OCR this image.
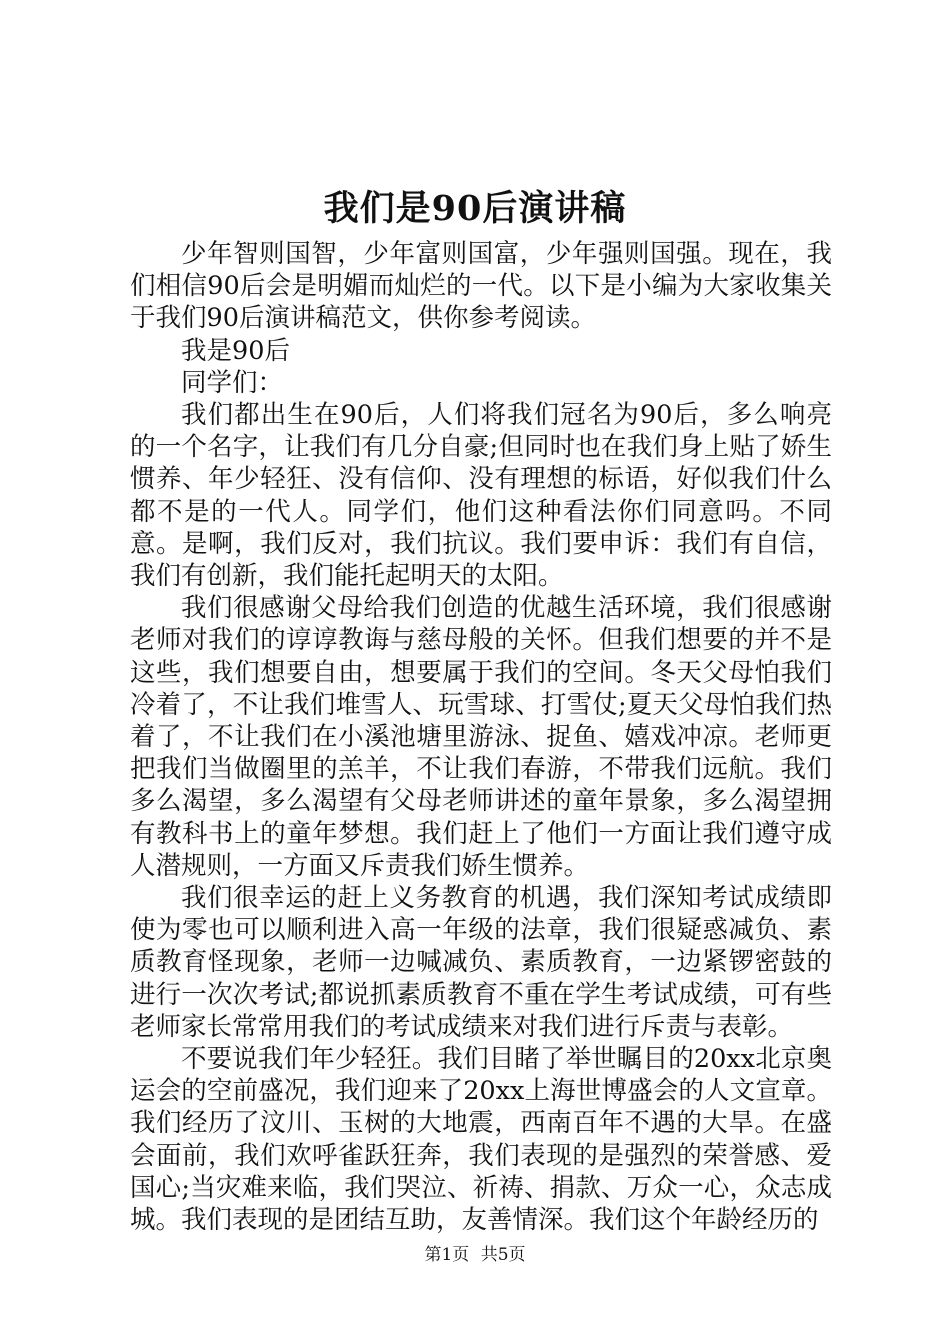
我们是90后演讲稿

少年智则国智，少年富则国富，少年强则国强。现在，我们相信90后会是明媚而灿烂的一代。以下是小编为大家收集关于我们90后演讲稿范文，供你参考阅读。

我是90后

同学们：

我们都出生在90后，人们将我们冠名为90后，多么响亮的一个名字，让我们有几分自豪;但同时也在我们身上贴了娇生惯养、年少轻狂、没有信仰、没有理想的标语，好似我们什么都不是的一代人。同学们，他们这种看法你们同意吗。不同意。是啊，我们反对，我们抗议。我们要申诉：我们有自信，我们有创新，我们能托起明天的太阳。

我们很感谢父母给我们创造的优越生活环境，我们很感谢老师对我们的谆谆教诲与慈母般的关怀。但我们想要的并不是这些，我们想要自由，想要属于我们的空间。冬天父母怕我们冷着了，不让我们堆雪人、玩雪球、打雪仗;夏天父母怕我们热着了，不让我们在小溪池塘里游泳、捉鱼、嬉戏冲凉。老师更把我们当做圈里的羔羊，不让我们春游，不带我们远航。我们多么渴望，多么渴望有父母老师讲述的童年景象，多么渴望拥有教科书上的童年梦想。我们赶上了他们一方面让我们遵守成人潜规则，一方面又斥责我们娇生惯养。

我们很幸运的赶上义务教育的机遇，我们深知考试成绩即使为零也可以顺利进入高一年级的法章，我们很疑惑减负、素质教育怪现象，老师一边喊减负、素质教育，一边紧锣密鼓的进行一次次考试;都说抓素质教育不重在学生考试成绩，可有些老师家长常常用我们的考试成绩来对我们进行斥责与表彰。

不要说我们年少轻狂。我们目睹了举世瞩目的20xx北京奥运会的空前盛况，我们迎来了20xx上海世博盛会的人文宣章。我们经历了汶川、玉树的大地震，西南百年不遇的大旱。在盛会面前，我们欢呼雀跃狂奔，我们表现的是强烈的荣誉感、爱国心;当灾难来临，我们哭泣、祈祷、捐款、万众一心，众志成城。我们表现的是团结互助，友善情深。我们这个年龄经历的

第1页 共5页
